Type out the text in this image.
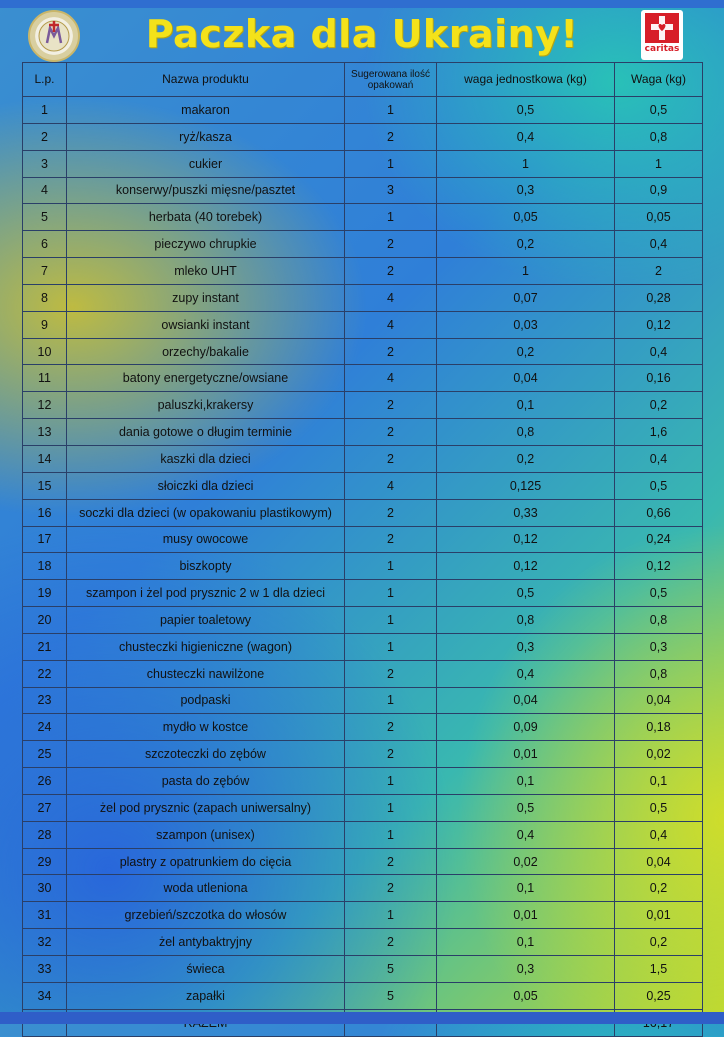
Paczka dla Ukrainy!	caritas
L.p.	Nazwa produktu	Sugerowana ilość opakowań	waga jednostkowa (kg)	Waga (kg)
1	makaron	1	0,5	0,5
2	ryż/kasza	2	0,4	0,8
3	cukier	1	1	1
4	konserwy/puszki mięsne/pasztet	3	0,3	0,9
5	herbata (40 torebek)	1	0,05	0,05
6	pieczywo chrupkie	2	0,2	0,4
7	mleko UHT	2	1	2
8	zupy instant	4	0,07	0,28
9	owsianki instant	4	0,03	0,12
10	orzechy/bakalie	2	0,2	0,4
11	batony energetyczne/owsiane	4	0,04	0,16
12	paluszki,krakersy	2	0,1	0,2
13	dania gotowe o długim terminie	2	0,8	1,6
14	kaszki dla dzieci	2	0,2	0,4
15	słoiczki dla dzieci	4	0,125	0,5
16	soczki dla dzieci (w opakowaniu plastikowym)	2	0,33	0,66
17	musy owocowe	2	0,12	0,24
18	biszkopty	1	0,12	0,12
19	szampon i żel pod prysznic 2 w 1 dla dzieci	1	0,5	0,5
20	papier toaletowy	1	0,8	0,8
21	chusteczki higieniczne (wagon)	1	0,3	0,3
22	chusteczki nawilżone	2	0,4	0,8
23	podpaski	1	0,04	0,04
24	mydło w kostce	2	0,09	0,18
25	szczoteczki do zębów	2	0,01	0,02
26	pasta do zębów	1	0,1	0,1
27	żel pod prysznic (zapach uniwersalny)	1	0,5	0,5
28	szampon (unisex)	1	0,4	0,4
29	plastry z opatrunkiem do cięcia	2	0,02	0,04
30	woda utleniona	2	0,1	0,2
31	grzebień/szczotka do włosów	1	0,01	0,01
32	żel antybaktryjny	2	0,1	0,2
33	świeca	5	0,3	1,5
34	zapałki	5	0,05	0,25
